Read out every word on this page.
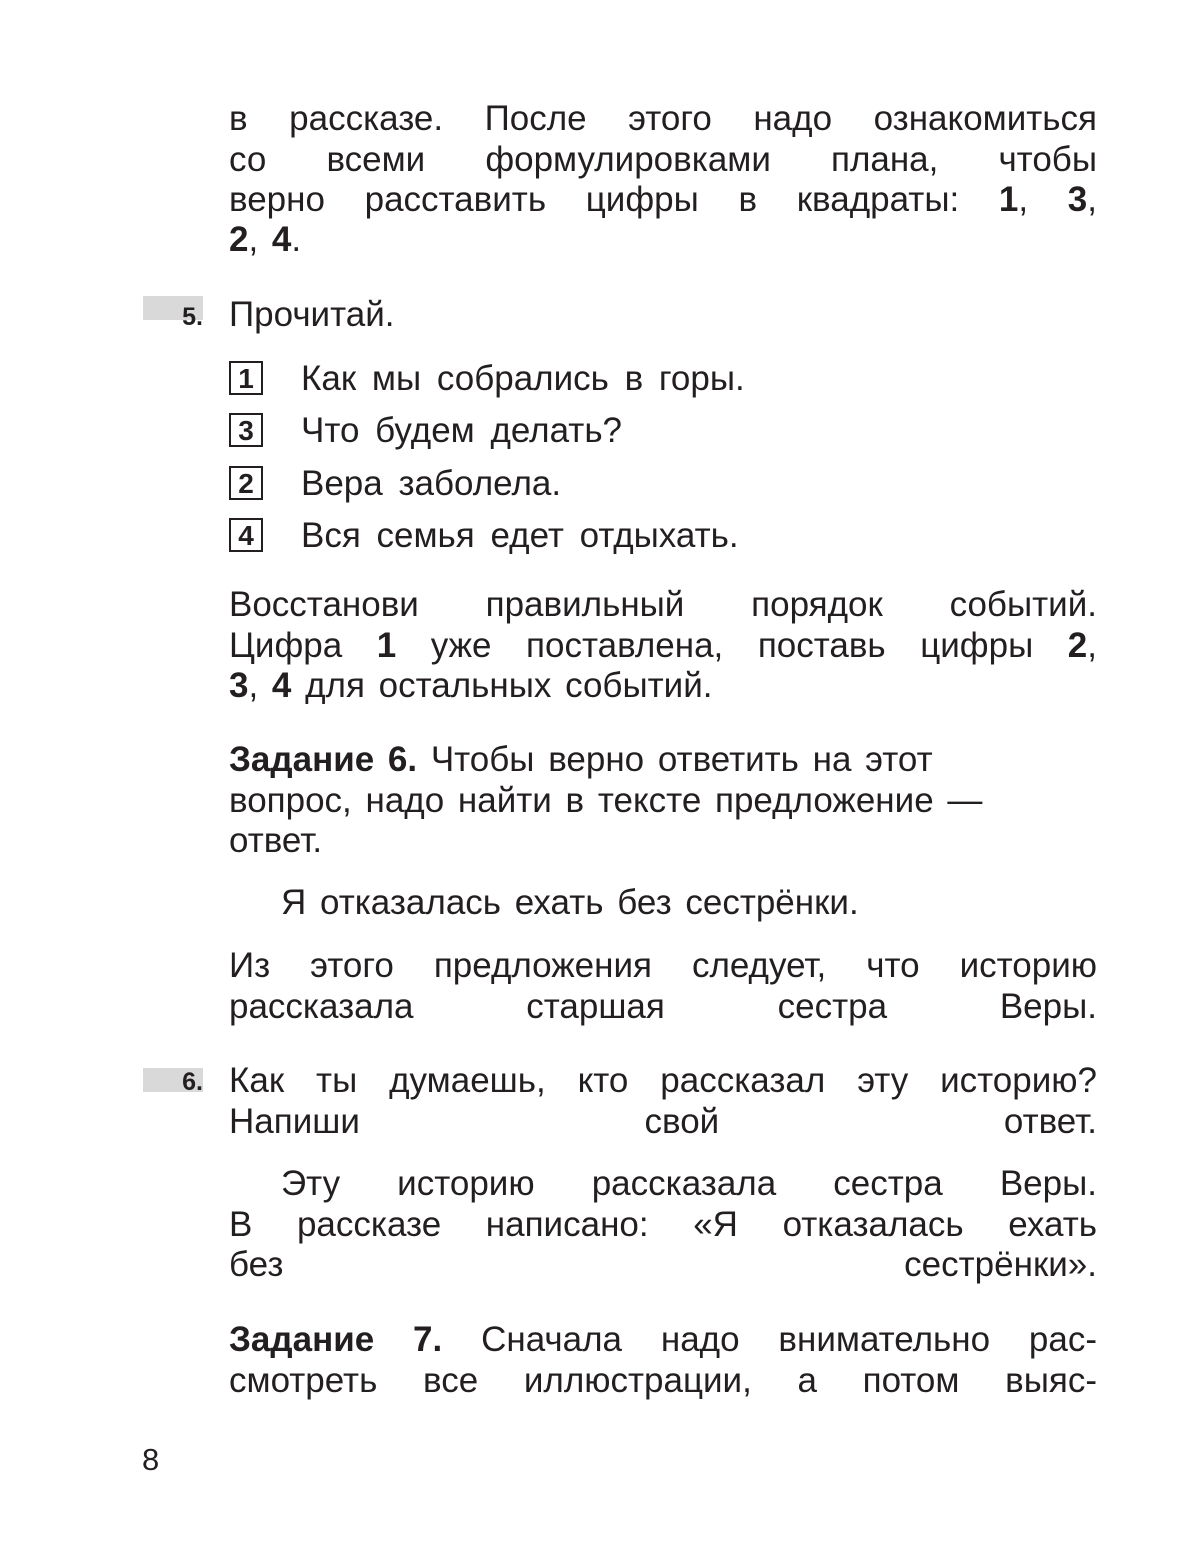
в рассказе. После этого надо ознакомиться
со всеми формулировками плана, чтобы
верно расставить цифры в квадраты: 1, 3,
2, 4.
5. Прочитай.
1 Как мы собрались в горы.
3 Что будем делать?
2 Вера заболела.
4 Вся семья едет отдыхать.
Восстанови правильный порядок событий.
Цифра 1 уже поставлена, поставь цифры 2,
3, 4 для остальных событий.
Задание 6. Чтобы верно ответить на этот
вопрос, надо найти в тексте предложение —
ответ.
Я отказалась ехать без сестрёнки.
Из этого предложения следует, что историю
рассказала старшая сестра Веры.
6. Как ты думаешь, кто рассказал эту историю?
Напиши свой ответ.
Эту историю рассказала сестра Веры.
В рассказе написано: «Я отказалась ехать
без сестрёнки».
Задание 7. Сначала надо внимательно рас-
смотреть все иллюстрации, а потом выяс-
8
